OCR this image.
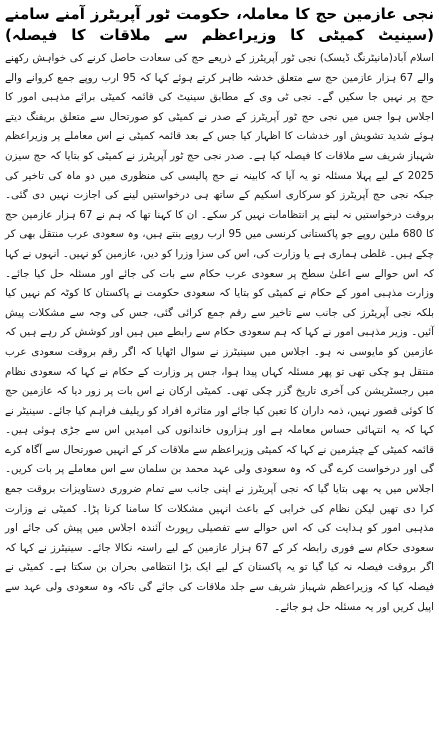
نجی عازمین حج کا معاملہ، حکومت ٹور آپریٹرز آمنے سامنے (سینیٹ کمیٹی کا وزیراعظم سے ملاقات کا فیصلہ)

اسلام آباد(مانیٹرنگ ڈیسک) نجی ٹور آپریٹرز کے ذریعے حج کی سعادت حاصل کرنے کی خواہش رکھنے والے 67 ہزار عازمین حج سے متعلق خدشہ ظاہر کرتے ہوئے کہا کہ 95 ارب روپے جمع کروانے والے حج پر نہیں جا سکیں گے۔ نجی ٹی وی کے مطابق سینیٹ کی قائمہ کمیٹی برائے مذہبی امور کا اجلاس ہوا جس میں نجی حج ٹور آپریٹرز کے صدر نے کمیٹی کو صورتحال سے متعلق بریفنگ دیتے ہوئے شدید تشویش اور خدشات کا اظہار کیا جس کے بعد قائمہ کمیٹی نے اس معاملے پر وزیراعظم شہباز شریف سے ملاقات کا فیصلہ کیا ہے۔ صدر نجی حج ٹور آپریٹرز نے کمیٹی کو بتایا کہ حج سیزن 2025 کے لیے پہلا مسئلہ تو یہ آیا کہ کابینہ نے حج پالیسی کی منظوری میں دو ماہ کی تاخیر کی جبکہ نجی حج آپریٹرز کو سرکاری اسکیم کے ساتھ ہی درخواستیں لینے کی اجازت نہیں دی گئی۔ بروقت درخواستیں نہ لینے پر انتظامات نہیں کر سکے۔ ان کا کہنا تھا کہ ہم نے 67 ہزار عازمین حج کا 680 ملین روپے جو پاکستانی کرنسی میں 95 ارب روپے بنتے ہیں، وہ سعودی عرب منتقل بھی کر چکے ہیں۔ غلطی ہماری ہے یا وزارت کی، اس کی سزا وزرا کو دیں، عازمین کو نہیں۔ انہوں نے کہا کہ اس حوالے سے اعلیٰ سطح پر سعودی عرب حکام سے بات کی جائے اور مسئلہ حل کیا جائے۔ وزارت مذہبی امور کے حکام نے کمیٹی کو بتایا کہ سعودی حکومت نے پاکستان کا کوٹہ کم نہیں کیا بلکہ نجی آپریٹرز کی جانب سے تاخیر سے رقم جمع کرائی گئی، جس کی وجہ سے مشکلات پیش آئیں۔ وزیر مذہبی امور نے کہا کہ ہم سعودی حکام سے رابطے میں ہیں اور کوشش کر رہے ہیں کہ عازمین کو مایوسی نہ ہو۔ اجلاس میں سینیٹرز نے سوال اٹھایا کہ اگر رقم بروقت سعودی عرب منتقل ہو چکی تھی تو پھر مسئلہ کہاں پیدا ہوا، جس پر وزارت کے حکام نے کہا کہ سعودی نظام میں رجسٹریشن کی آخری تاریخ گزر چکی تھی۔ کمیٹی ارکان نے اس بات پر زور دیا کہ عازمین حج کا کوئی قصور نہیں، ذمہ داران کا تعین کیا جائے اور متاثرہ افراد کو ریلیف فراہم کیا جائے۔ سینیٹر نے کہا کہ یہ انتہائی حساس معاملہ ہے اور ہزاروں خاندانوں کی امیدیں اس سے جڑی ہوئی ہیں۔ قائمہ کمیٹی کے چیئرمین نے کہا کہ کمیٹی وزیراعظم سے ملاقات کر کے انہیں صورتحال سے آگاہ کرے گی اور درخواست کرے گی کہ وہ سعودی ولی عہد محمد بن سلمان سے اس معاملے پر بات کریں۔ اجلاس میں یہ بھی بتایا گیا کہ نجی آپریٹرز نے اپنی جانب سے تمام ضروری دستاویزات بروقت جمع کرا دی تھیں لیکن نظام کی خرابی کے باعث انہیں مشکلات کا سامنا کرنا پڑا۔ کمیٹی نے وزارت مذہبی امور کو ہدایت کی کہ اس حوالے سے تفصیلی رپورٹ آئندہ اجلاس میں پیش کی جائے اور سعودی حکام سے فوری رابطہ کر کے 67 ہزار عازمین کے لیے راستہ نکالا جائے۔ سینیٹرز نے کہا کہ اگر بروقت فیصلہ نہ کیا گیا تو یہ پاکستان کے لیے ایک بڑا انتظامی بحران بن سکتا ہے۔ کمیٹی نے فیصلہ کیا کہ وزیراعظم شہباز شریف سے جلد ملاقات کی جائے گی تاکہ وہ سعودی ولی عہد سے اپیل کریں اور یہ مسئلہ حل ہو جائے۔
